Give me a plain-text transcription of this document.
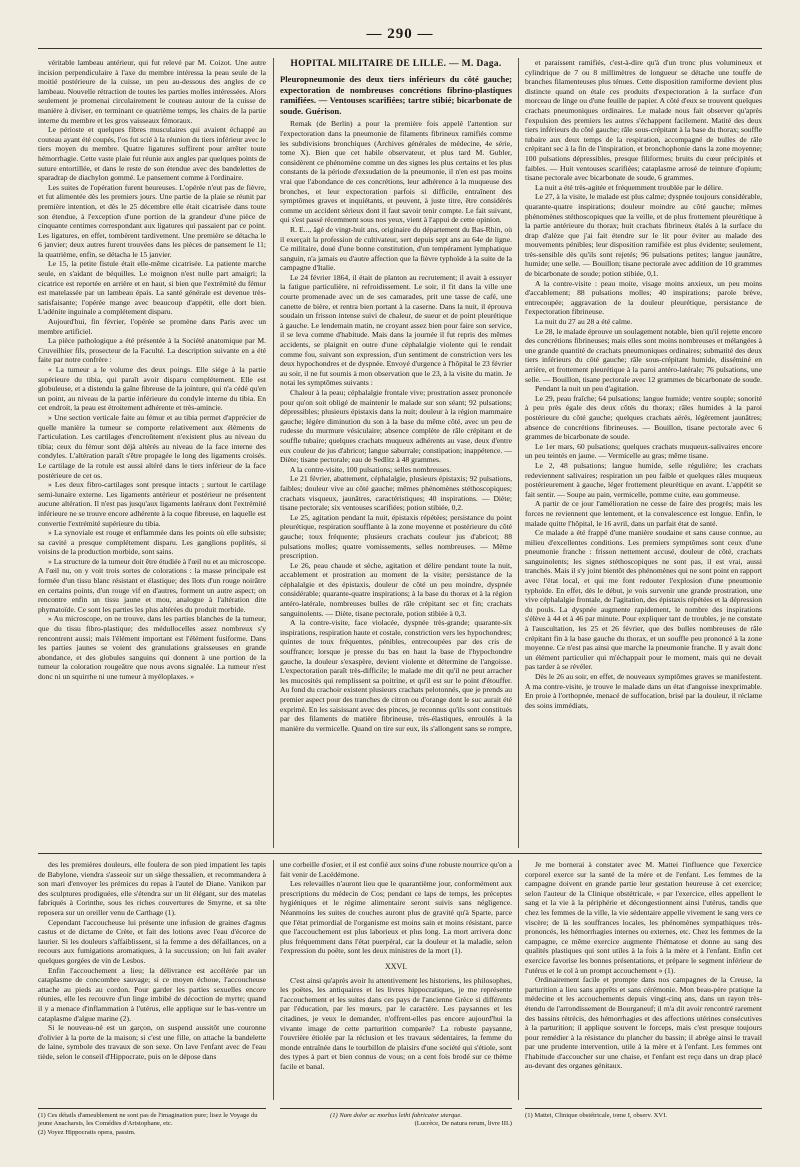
— 290 —

véritable lambeau antérieur, qui fut relevé par M. Coizot. Une autre incision perpendiculaire à l'axe du membre intéressa la peau seule de la moitié postérieure de la cuisse, un peu au-dessous des angles de ce lambeau. Nouvelle rétraction de toutes les parties molles intéressées. Alors seulement je promenai circulairement le couteau autour de la cuisse de manière à diviser, en terminant ce quatrième temps, les chairs de la partie interne du membre et les gros vaisseaux fémoraux.

Le périoste et quelques fibres musculaires qui avaient échappé au couteau ayant été coupés, l'os fut scié à la réunion du tiers inférieur avec le tiers moyen du membre. Quatre ligatures suffirent pour arrêter toute hémorrhagie. Cette vaste plaie fut réunie aux angles par quelques points de suture entortillée, et dans le reste de son étendue avec des bandelettes de sparadrap de diachylon gommé. Le pansement comme à l'ordinaire.

Les suites de l'opération furent heureuses. L'opérée n'eut pas de fièvre, et fut alimentée dès les premiers jours. Une partie de la plaie se réunit par première intention, et dès le 25 décembre elle était cicatrisée dans toute son étendue, à l'exception d'une portion de la grandeur d'une pièce de cinquante centimes correspondant aux ligatures qui passaient par ce point. Les ligatures, en effet, tombèrent tardivement. Une première se détacha le 6 janvier; deux autres furent trouvées dans les pièces de pansement le 11; la quatrième, enfin, se détacha le 15 janvier.

Le 15, la petite fistule était elle-même cicatrisée. La patiente marche seule, en s'aidant de béquilles. Le moignon n'est nulle part amaigri; la cicatrice est reportée en arrière et en haut, si bien que l'extrémité du fémur est matelassée par un lambeau épais. La santé générale est devenue très-satisfaisante; l'opérée mange avec beaucoup d'appétit, elle dort bien. L'adénite inguinale a complétement disparu.

Aujourd'hui, fin février, l'opérée se promène dans Paris avec un membre artificiel.

La pièce pathologique a été présentée à la Société anatomique par M. Cruveilhier fils, prosecteur de la Faculté. La description suivante en a été faite par notre confrère :

« La tumeur a le volume des deux poings. Elle siége à la partie supérieure du tibia, qui paraît avoir disparu complétement. Elle est globuleuse, et a distendu la gaîne fibreuse de la jointure, qui n'a cédé qu'en un point, au niveau de la partie inférieure du condyle interne du tibia. En cet endroit, la peau est étroitement adhérente et très-amincie.

» Une section verticale faite au fémur et au tibia permet d'apprécier de quelle manière la tumeur se comporte relativement aux éléments de l'articulation. Les cartilages d'encroûtement n'existent plus au niveau du tibia; ceux du fémur sont déjà altérés au niveau de la face interne des condyles. L'altération paraît s'être propagée le long des ligaments croisés. Le cartilage de la rotule est aussi altéré dans le tiers inférieur de la face postérieure de cet os.

» Les deux fibro-cartilages sont presque intacts ; surtout le cartilage semi-lunaire externe. Les ligaments antérieur et postérieur ne présentent aucune altération. Il n'est pas jusqu'aux ligaments latéraux dont l'extrémité inférieure ne se trouve encore adhérente à la coque fibreuse, en laquelle est convertie l'extrémité supérieure du tibia.

» La synoviale est rouge et enflammée dans les points où elle subsiste; sa cavité a presque complétement disparu. Les ganglions poplités, si voisins de la production morbide, sont sains.

» La structure de la tumeur doit être étudiée à l'œil nu et au microscope. A l'œil nu, on y voit trois sortes de colorations : la masse principale est formée d'un tissu blanc résistant et élastique; des îlots d'un rouge noirâtre en certains points, d'un rouge vif en d'autres, forment un autre aspect; on rencontre enfin un tissu jaune et mou, analogue à l'altération dite phymatoïde. Ce sont les parties les plus altérées du produit morbide.

» Au microscope, on ne trouve, dans les parties blanches de la tumeur, que du tissu fibro-plastique; des médullocelles assez nombreux s'y rencontrent aussi; mais l'élément important est l'élément fusiforme. Dans les parties jaunes se voient des granulations graisseuses en grande abondance, et des globules sanguins qui donnent à une portion de la tumeur la coloration rougeâtre que nous avons signalée. La tumeur n'est donc ni un squirrhe ni une tumeur à myéloplaxes. »

HOPITAL MILITAIRE DE LILLE. — M. Daga.
Pleuropneumonie des deux tiers inférieurs du côté gauche; expectoration de nombreuses concrétions fibrino-plastiques ramifiées. — Ventouses scarifiées; tartre stibié; bicarbonate de soude. Guérison.

Remak (de Berlin) a pour la première fois appelé l'attention sur l'expectoration dans la pneumonie de filaments fibrineux ramifiés comme les subdivisions bronchiques (Archives générales de médecine, 4e série, tome X). Bien que cet habile observateur, et plus tard M. Gubler, considèrent ce phénomène comme un des signes les plus certains et les plus constants de la période d'exsudation de la pneumonie, il n'en est pas moins vrai que l'abondance de ces concrétions, leur adhérence à la muqueuse des bronches, et leur expectoration parfois si difficile, entraînent des symptômes graves et inquiétants, et peuvent, à juste titre, être considérés comme un accident sérieux dont il faut savoir tenir compte. Le fait suivant, qui s'est passé récemment sous nos yeux, vient à l'appui de cette opinion.

R. E..., âgé de vingt-huit ans, originaire du département du Bas-Rhin, où il exerçait la profession de cultivateur, sert depuis sept ans au 64e de ligne. Ce militaire, doué d'une bonne constitution, d'un tempérament lymphatique sanguin, n'a jamais eu d'autre affection que la fièvre typhoïde à la suite de la campagne d'Italie.

Le 24 février 1864, il était de planton au recrutement; il avait à essuyer la fatigue particulière, ni refroidissement. Le soir, il fit dans la ville une courte promenade avec un de ses camarades, prit une tasse de café, une canette de bière, et rentra bien portant à la caserne. Dans la nuit, il éprouva soudain un frisson intense suivi de chaleur, de sueur et de point pleurétique à gauche. Le lendemain matin, ne croyant assez bien pour faire son service, il se leva comme d'habitude. Mais dans la journée il fut repris des mêmes accidents, se plaignit en outre d'une céphalalgie violente qui le rendait comme fou, suivant son expression, d'un sentiment de constriction vers les deux hypochondres et de dyspnée. Envoyé d'urgence à l'hôpital le 23 février au soir, il ne fut soumis à mon observation que le 23, à la visite du matin. Je notai les symptômes suivants :

Chaleur à la peau; céphalalgie frontale vive; prostration assez prononcée pour qu'on soit obligé de maintenir le malade sur son séant; 92 pulsations; dépressibles; plusieurs épistaxis dans la nuit; douleur à la région mammaire gauche; légère diminution du son à la base du même côté, avec un peu de rudesse du murmure vésiculaire; absence complète de râle crépitant et de souffle tubaire; quelques crachats muqueux adhérents au vase, deux d'entre eux couleur de jus d'abricot; langue saburrale; constipation; inappétence. — Diète; tisane pectorale; eau de Sedlitz à 48 grammes.

A la contre-visite, 100 pulsations; selles nombreuses.

Le 21 février, abattement, céphalalgie, plusieurs épistaxis; 92 pulsations, faibles; douleur vive au côté gauche; mêmes phénomènes stéthoscopiques; crachats visqueux, jaunâtres, caractéristiques; 40 inspirations. — Diète; tisane pectorale; six ventouses scarifiées; potion stibiée, 0,2.

Le 25, agitation pendant la nuit, épistaxis répétées; persistance du point pleurétique, respiration soufflante à la zone moyenne et postérieure du côté gauche; toux fréquente; plusieurs crachats couleur jus d'abricot; 88 pulsations molles; quatre vomissements, selles nombreuses. — Même prescription.

Le 26, peau chaude et sèche, agitation et délire pendant toute la nuit, accablement et prostration au moment de la visite; persistance de la céphalalgie et des épistaxis, douleur de côté un peu moindre, dyspnée considérable; quarante-quatre inspirations; à la base du thorax et à la région antéro-latérale, nombreuses bulles de râle crépitant sec et fin; crachats sanguinolents. — Diète, tisane pectorale, potion stibiée à 0,3.

A la contre-visite, face violacée, dyspnée très-grande; quarante-six inspirations, respiration haute et costale, constriction vers les hypochondres; quintes de toux fréquentes, pénibles, entrecoupées par des cris de souffrance; lorsque je presse du bas en haut la base de l'hypochondre gauche, la douleur s'exaspère, devient violente et détermine de l'angoisse. L'expectoration paraît très-difficile; le malade me dit qu'il ne peut arracher les mucosités qui remplissent sa poitrine, et qu'il est sur le point d'étouffer. Au fond du crachoir existent plusieurs crachats pelotonnés, que je prends au premier aspect pour des tranches de citron ou d'orange dont le suc aurait été exprimé. En les saisissant avec des pinces, je reconnus qu'ils sont constitués par des filaments de matière fibrineuse, très-élastiques, enroulés à la manière du vermicelle. Quand on tire sur eux, ils s'allongent sans se rompre,

et paraissent ramifiés, c'est-à-dire qu'à d'un tronc plus volumineux et cylindrique de 7 ou 8 millimètres de longueur se détache une touffe de branches filamenteuses plus ténues. Cette disposition ramiforme devient plus distincte quand on étale ces produits d'expectoration à la surface d'un morceau de linge ou d'une feuille de papier. A côté d'eux se trouvent quelques crachats pneumoniques ordinaires. Le malade nous fait observer qu'après l'expulsion des premiers les autres s'échappent facilement. Matité des deux tiers inférieurs du côté gauche; râle sous-crépitant à la base du thorax; souffle tubaire aux deux temps de la respiration, accompagné de bulles de râle crépitant sec à la fin de l'inspiration, et bronchophonie dans la zone moyenne; 100 pulsations dépressibles, presque filiformes; bruits du cœur précipités et faibles. — Huit ventouses scarifiées; cataplasme arrosé de teinture d'opium; tisane pectorale avec bicarbonate de soude, 6 grammes.

La nuit a été très-agitée et fréquemment troublée par le délire.

Le 27, à la visite, le malade est plus calme; dyspnée toujours considérable, quarante-quatre inspirations; douleur moindre au côté gauche; mêmes phénomènes stéthoscopiques que la veille, et de plus frottement pleurétique à la partie antérieure du thorax; huit crachats fibrineux étalés à la surface du drap d'alèze que j'ai fait étendre sur le lit pour éviter au malade des mouvements pénibles; leur disposition ramifiée est plus évidente; seulement, très-sensible dès qu'ils sont rejetés; 96 pulsations petites; langue jaunâtre, humide; une selle. — Bouillon; tisane pectorale avec addition de 10 grammes de bicarbonate de soude; potion stibiée, 0,1.

A la contre-visite : peau moite, visage moins anxieux, un peu moins d'accablement; 88 pulsations molles; 40 inspirations; parole brève, entrecoupée; aggravation de la douleur pleurétique, persistance de l'expectoration fibrineuse.

La nuit du 27 au 28 a été calme.

Le 28, le malade éprouve un soulagement notable, bien qu'il rejette encore des concrétions fibrineuses; mais elles sont moins nombreuses et mélangées à une grande quantité de crachats pneumoniques ordinaires; submatité des deux tiers inférieurs du côté gauche; râle sous-crépitant humide, disséminé en arrière, et frottement pleurétique à la paroi antéro-latérale; 76 pulsations, une selle. — Bouillon, tisane pectorale avec 12 grammes de bicarbonate de soude.

Pendant la nuit un peu d'agitation.

Le 29, peau fraîche; 64 pulsations; langue humide; ventre souple; sonorité à peu près égale des deux côtés du thorax; râles humides à la paroi postérieure du côté gauche; quelques crachats aérés, légèrement jaunâtres; absence de concrétions fibrineuses. — Bouillon, tisane pectorale avec 6 grammes de bicarbonate de soude.

Le 1er mars, 60 pulsations; quelques crachats muqueux-salivaires encore un peu teintés en jaune. — Vermicelle au gras; même tisane.

Le 2, 48 pulsations; langue humide, selle régulière; les crachats redeviennent salivaires; respiration un peu faible et quelques râles muqueux postérieurement à gauche, léger frottement pleurétique en avant. L'appétit se fait sentir. — Soupe au pain, vermicelle, pomme cuite, eau gommeuse.

A partir de ce jour l'amélioration ne cesse de faire des progrès; mais les forces ne reviennent que lentement, et la convalescence est longue. Enfin, le malade quitte l'hôpital, le 16 avril, dans un parfait état de santé.

Ce malade a été frappé d'une manière soudaine et sans cause connue, au milieu d'excellentes conditions. Les premiers symptômes sont ceux d'une pneumonie franche : frisson nettement accusé, douleur de côté, crachats sanguinolents; les signes stéthoscopiques ne sont pas, il est vrai, aussi tranchés. Mais il s'y joint bientôt des phénomènes qui ne sont point en rapport avec l'état local, et qui me font redouter l'explosion d'une pneumonie typhoïde. En effet, dès le début, je vois survenir une grande prostration, une vive céphalalgie frontale, de l'agitation, des épistaxis répétées et la dépression du pouls. La dyspnée augmente rapidement, le nombre des inspirations s'élève à 44 et à 46 par minute. Pour expliquer tant de troubles, je ne constate à l'auscultation, les 25 et 26 février, que des bulles nombreuses de râle crépitant fin à la base gauche du thorax, et un souffle peu prononcé à la zone moyenne. Ce n'est pas ainsi que marche la pneumonie franche. Il y avait donc un élément particulier qui m'échappait pour le moment, mais qui ne devait pas tarder à se révéler.

Dès le 26 au soir, en effet, de nouveaux symptômes graves se manifestent. A ma contre-visite, je trouve le malade dans un état d'angoisse inexprimable. En proie à l'orthopnée, menacé de suffocation, brisé par la douleur, il réclame des soins immédiats,

des les premières douleurs, elle foulera de son pied impatient les tapis de Babylone, viendra s'asseoir sur un siége thessalien, et recommandera à son mari d'envoyer les prémices du repas à l'autel de Diane. Vanikon par des sculptures prodiguées, elle s'étendra sur un lit élégant, sur des matelas fabriqués à Corinthe, sous les riches couvertures de Smyrne, et sa tête reposera sur un oreiller venu de Carthage (1).

Cependant l'accoucheuse lui présente une infusion de graines d'agnus castus et de dictame de Crète, et fait des lotions avec l'eau d'écorce de laurier. Si les douleurs s'affaiblissent, si la femme a des défaillances, on a recours aux fumigations aromatiques, à la succussion; on lui fait avaler quelques gorgées de vin de Lesbos.

Enfin l'accouchement a lieu; la délivrance est accélérée par un cataplasme de concombre sauvage; si ce moyen échoue, l'accoucheuse attache au pieds au cordon. Pour garder les parties sexuelles encore réunies, elle les recouvre d'un linge imbibé de décoction de myrte; quand il y a menace d'inflammation à l'utérus, elle applique sur le bas-ventre un cataplasme d'algue marine (2).

Si le nouveau-né est un garçon, on suspend aussitôt une couronne d'olivier à la porte de la maison; si c'est une fille, on attache la bandelette de laine, symbole des travaux de son sexe. On lave l'enfant avec de l'eau tiède, selon le conseil d'Hippocrate, puis on le dépose dans

une corbeille d'osier, et il est confié aux soins d'une robuste nourrice qu'on a fait venir de Lacédémone.

Les relevailles n'auront lieu que le quarantième jour, conformément aux prescriptions du médecin de Cos; pendant ce laps de temps, les préceptes hygiéniques et le régime alimentaire seront suivis sans négligence. Néanmoins les suites de couches auront plus de gravité qu'à Sparte, parce que l'état primordial de l'organisme est moins sain et moins résistant, parce que l'accouchement est plus laborieux et plus long. La mort arrivera donc plus fréquemment dans l'état puerpéral, car la douleur et la maladie, selon l'expression du poëte, sont les deux ministres de la mort (1).

XXVI.

C'est ainsi qu'après avoir lu attentivement les historiens, les philosophes, les poëtes, les antiquaires et les livres hippocratiques, je me représente l'accouchement et les suites dans ces pays de l'ancienne Grèce si différents par l'éducation, par les mœurs, par le caractère. Les paysannes et les citadines, je veux le demander, n'offrent-elles pas encore aujourd'hui la vivante image de cette parturition comparée? La robuste paysanne, l'ouvrière étiolée par la réclusion et les travaux sédentaires, la femme du monde entraînée dans le tourbillon de plaisirs d'une société qui s'étiole, sont des types à part et bien connus de vous; on a cent fois brodé sur ce thème facile et banal.

Je me bornerai à constater avec M. Mattei l'influence que l'exercice corporel exerce sur la santé de la mère et de l'enfant. Les femmes de la campagne doivent en grande partie leur gestation heureuse à cet exercice; selon l'auteur de la Clinique obstétricale, « par l'exercice, elles appellent le sang et la vie à la périphérie et décongestionnent ainsi l'utérus, tandis que chez les femmes de la ville, la vie sédentaire appelle vivement le sang vers ce viscère; de là les souffrances locales, les phénomènes sympathiques très-prononcés, les hémorrhagies internes ou externes, etc. Chez les femmes de la campagne, ce même exercice augmente l'hématose et donne au sang des qualités plastiques qui sont utiles à la fois à la mère et à l'enfant. Enfin cet exercice favorise les bonnes présentations, et prépare le segment inférieur de l'utérus et le col à un prompt accouchement » (1).

Ordinairement facile et prompte dans nos campagnes de la Creuse, la parturition a lieu sans apprêts et sans cérémonie. Mon beau-père pratique la médecine et les accouchements depuis vingt-cinq ans, dans un rayon très-étendu de l'arrondissement de Bourganeuf; il m'a dit avoir rencontré rarement des bassins rétrécis, des hémorrhagies et des affections utérines consécutives à la parturition; il applique souvent le forceps, mais c'est presque toujours pour remédier à la résistance du plancher du bassin; il abrège ainsi le travail par une prudente intervention, utile à la mère et à l'enfant. Les femmes ont l'habitude d'accoucher sur une chaise, et l'enfant est reçu dans un drap placé au-devant des organes génitaux.

(1) Ces détails d'ameublement ne sont pas de l'imagination pure; lisez le Voyage du jeune Anacharsis, les Comédies d'Aristophane, etc.
(2) Voyez Hippocratis opera, passim.
(1) Nam dolor ac morbus lethi fabricator uterque.
(Lucrèce, De natura rerum, livre III.)
(1) Mattei, Clinique obstétricale, tome I, observ. XVI.
